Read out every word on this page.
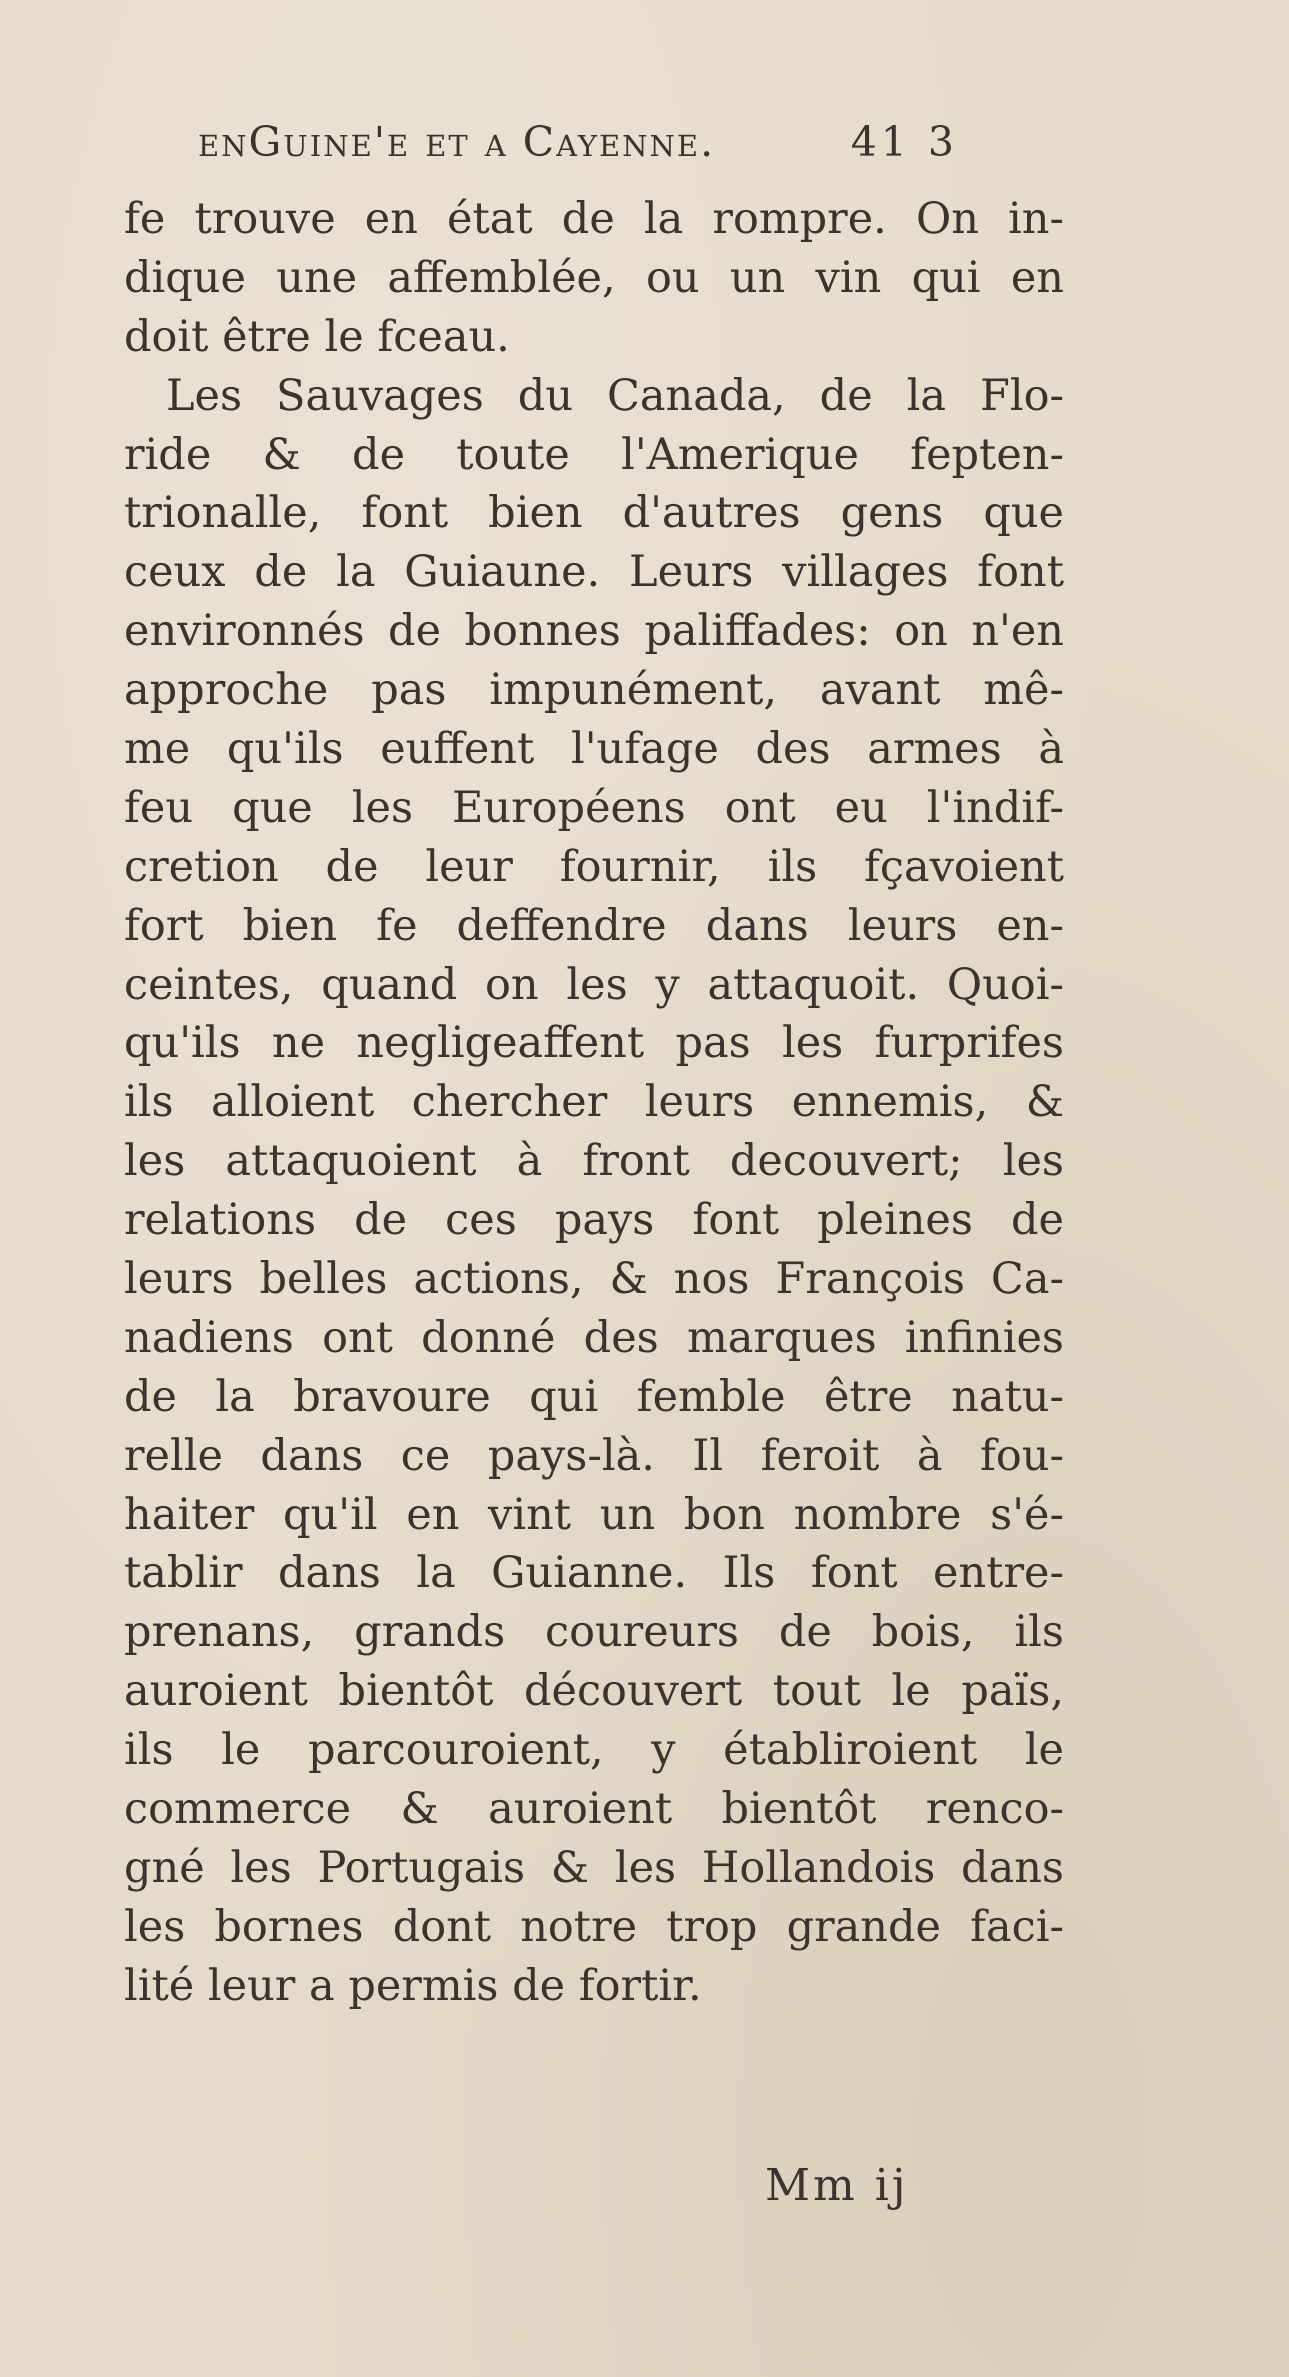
enGuine'e et a Cayenne.	41 3
fe trouve en état de la rompre. On in-
dique une affemblée, ou un vin qui en
doit être le fceau.
Les Sauvages du Canada, de la Flo-
ride & de toute l'Amerique fepten-
trionalle, font bien d'autres gens que
ceux de la Guiaune. Leurs villages font
environnés de bonnes paliffades: on n'en
approche pas impunément, avant mê-
me qu'ils euffent l'ufage des armes à
feu que les Européens ont eu l'indif-
cretion de leur fournir, ils fçavoient
fort bien fe deffendre dans leurs en-
ceintes, quand on les y attaquoit. Quoi-
qu'ils ne negligeaffent pas les furprifes
ils alloient chercher leurs ennemis, &
les attaquoient à front decouvert; les
relations de ces pays font pleines de
leurs belles actions, & nos François Ca-
nadiens ont donné des marques infinies
de la bravoure qui femble être natu-
relle dans ce pays-là. Il feroit à fou-
haiter qu'il en vint un bon nombre s'é-
tablir dans la Guianne. Ils font entre-
prenans, grands coureurs de bois, ils
auroient bientôt découvert tout le païs,
ils le parcouroient, y établiroient le
commerce & auroient bientôt renco-
gné les Portugais & les Hollandois dans
les bornes dont notre trop grande faci-
lité leur a permis de fortir.
Mm ij
